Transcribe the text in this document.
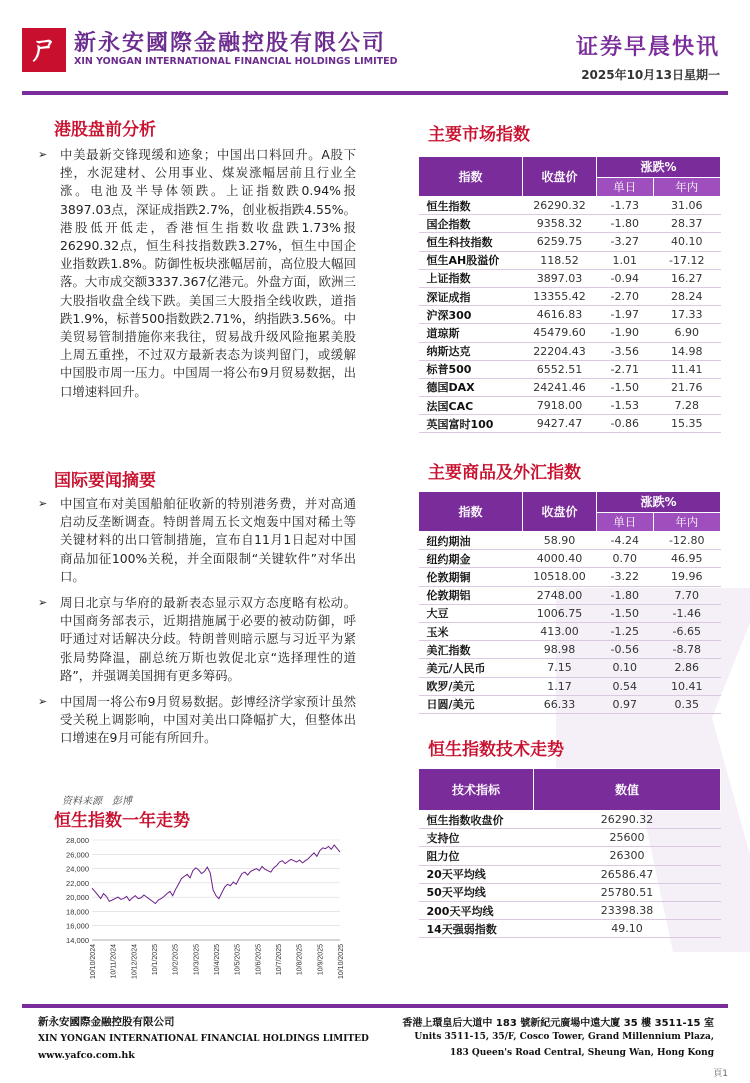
ㄕ 新永安國際金融控股有限公司
XIN YONGAN INTERNATIONAL FINANCIAL HOLDINGS LIMITED
证券早晨快讯
2025年10月13日星期一
港股盘前分析
➢ 中美最新交锋现缓和迹象；中国出口料回升。A股下挫，水泥建材、公用事业、煤炭涨幅居前且行业全涨。电池及半导体领跌。上证指数跌0.94%报3897.03点，深证成指跌2.7%，创业板指跌4.55%。港股低开低走，香港恒生指数收盘跌1.73%报26290.32点，恒生科技指数跌3.27%，恒生中国企业指数跌1.8%。防御性板块涨幅居前，高位股大幅回落。大市成交额3337.367亿港元。外盘方面，欧洲三大股指收盘全线下跌。美国三大股指全线收跌，道指跌1.9%，标普500指数跌2.71%，纳指跌3.56%。中美贸易管制措施你来我往，贸易战升级风险拖累美股上周五重挫，不过双方最新表态为谈判留门，或缓解中国股市周一压力。中国周一将公布9月贸易数据，出口增速料回升。
国际要闻摘要
➢ 中国宣布对美国船舶征收新的特别港务费，并对高通启动反垄断调查。特朗普周五长文炮轰中国对稀土等关键材料的出口管制措施，宣布自11月1日起对中国商品加征100%关税，并全面限制“关键软件”对华出口。
➢ 周日北京与华府的最新表态显示双方态度略有松动。中国商务部表示，近期措施属于必要的被动防御，呼吁通过对话解决分歧。特朗普则暗示愿与习近平为紧张局势降温，副总统万斯也敦促北京“选择理性的道路”，并强调美国拥有更多筹码。
➢ 中国周一将公布9月贸易数据。彭博经济学家预计虽然受关税上调影响，中国对美出口降幅扩大，但整体出口增速在9月可能有所回升。
资料来源　彭博
恒生指数一年走势
14,000
16,000
18,000
20,000
22,000
24,000
26,000
28,000
10/10/2024 10/11/2024 10/12/2024 10/1/2025 10/2/2025 10/3/2025 10/4/2025 10/5/2025 10/6/2025 10/7/2025 10/8/2025 10/9/2025 10/10/2025
主要市场指数
指数	收盘价	涨跌%	
		单日	年内
恒生指数	26290.32	-1.73	31.06
国企指数	9358.32	-1.80	28.37
恒生科技指数	6259.75	-3.27	40.10
恒生AH股溢价	118.52	1.01	-17.12
上证指数	3897.03	-0.94	16.27
深证成指	13355.42	-2.70	28.24
沪深300	4616.83	-1.97	17.33
道琼斯	45479.60	-1.90	6.90
纳斯达克	22204.43	-3.56	14.98
标普500	6552.51	-2.71	11.41
德国DAX	24241.46	-1.50	21.76
法国CAC	7918.00	-1.53	7.28
英国富时100	9427.47	-0.86	15.35
主要商品及外汇指数
指数	收盘价	涨跌%	
		单日	年内
纽约期油	58.90	-4.24	-12.80
纽约期金	4000.40	0.70	46.95
伦敦期铜	10518.00	-3.22	19.96
伦敦期铝	2748.00	-1.80	7.70
大豆	1006.75	-1.50	-1.46
玉米	413.00	-1.25	-6.65
美汇指数	98.98	-0.56	-8.78
美元/人民币	7.15	0.10	2.86
欧罗/美元	1.17	0.54	10.41
日圆/美元	66.33	0.97	0.35
恒生指数技术走势
技术指标	数值
恒生指数收盘价	26290.32
支持位	25600
阻力位	26300
20天平均线	26586.47
50天平均线	25780.51
200天平均线	23398.38
14天强弱指数	49.10
新永安國際金融控股有限公司
XIN YONGAN INTERNATIONAL FINANCIAL HOLDINGS LIMITED
www.yafco.com.hk
香港上環皇后大道中 183 號新紀元廣場中遠大廈 35 樓 3511-15 室
Units 3511-15, 35/F, Cosco Tower, Grand Millennium Plaza,
183 Queen's Road Central, Sheung Wan, Hong Kong
頁1
